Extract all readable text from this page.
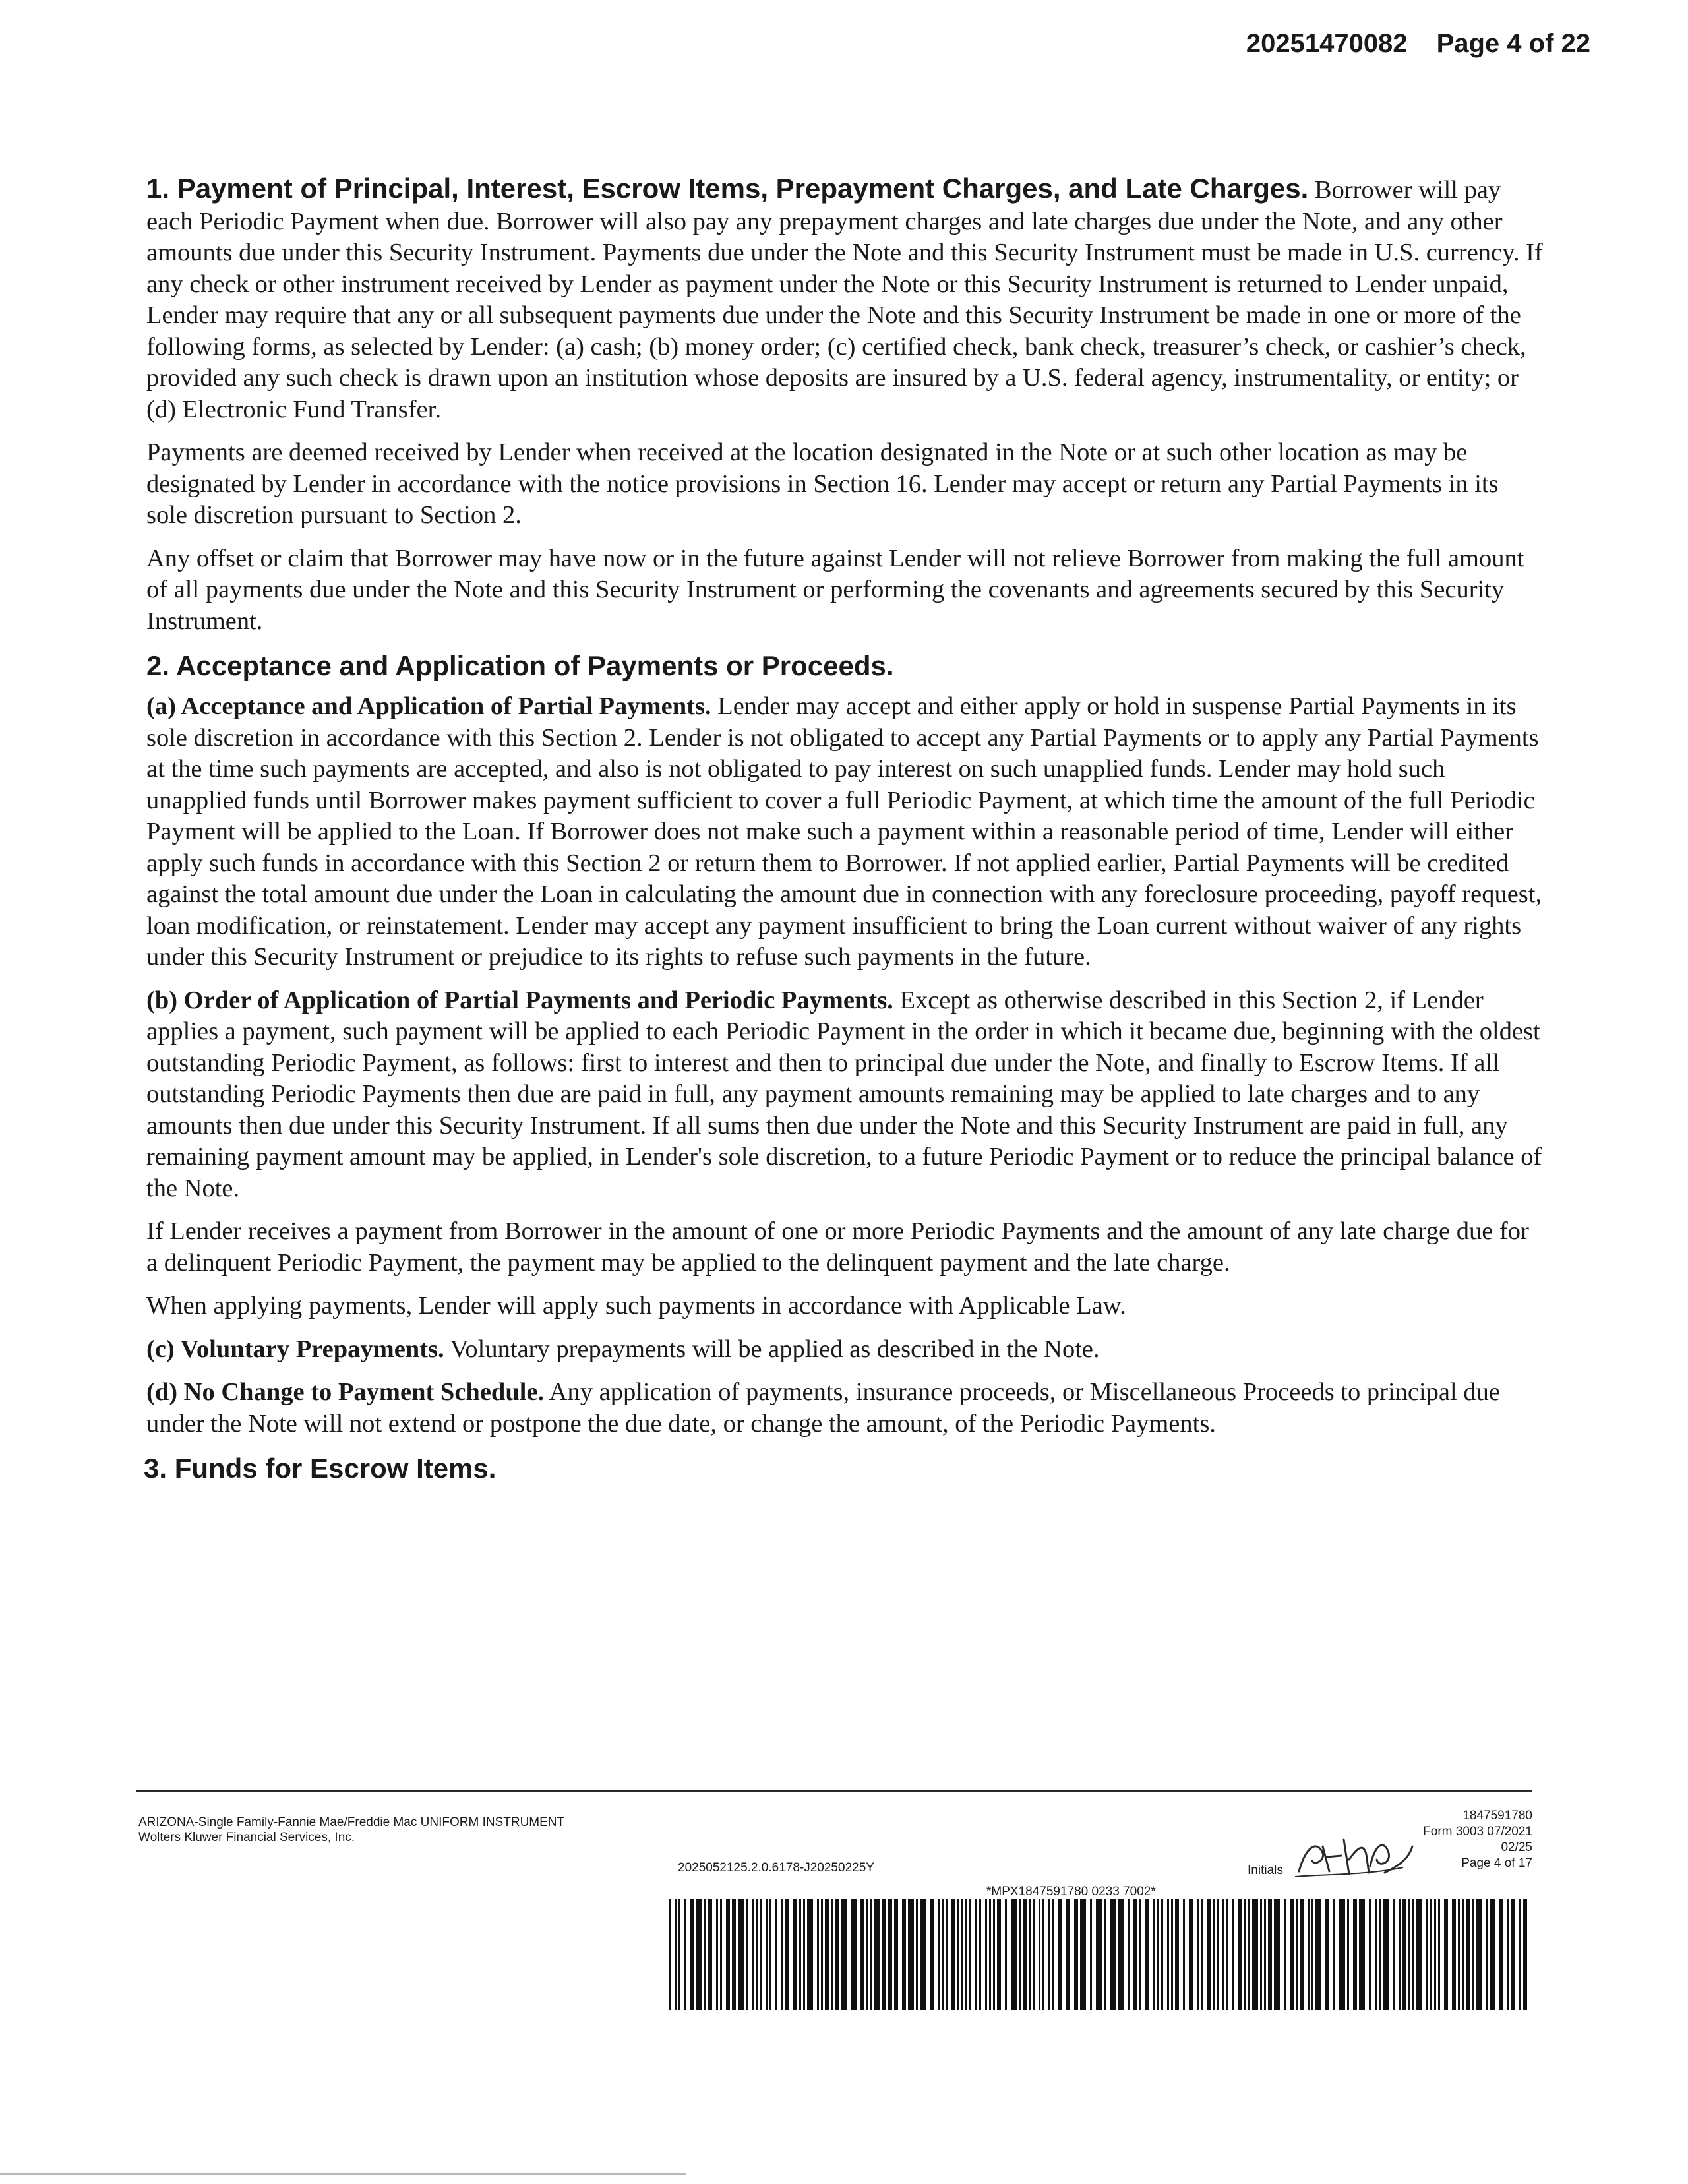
20251470082 Page 4 of 22

1. Payment of Principal, Interest, Escrow Items, Prepayment Charges, and Late Charges. Borrower will pay each Periodic Payment when due. Borrower will also pay any prepayment charges and late charges due under the Note, and any other amounts due under this Security Instrument. Payments due under the Note and this Security Instrument must be made in U.S. currency. If any check or other instrument received by Lender as payment under the Note or this Security Instrument is returned to Lender unpaid, Lender may require that any or all subsequent payments due under the Note and this Security Instrument be made in one or more of the following forms, as selected by Lender: (a) cash; (b) money order; (c) certified check, bank check, treasurer’s check, or cashier’s check, provided any such check is drawn upon an institution whose deposits are insured by a U.S. federal agency, instrumentality, or entity; or (d) Electronic Fund Transfer.

Payments are deemed received by Lender when received at the location designated in the Note or at such other location as may be designated by Lender in accordance with the notice provisions in Section 16. Lender may accept or return any Partial Payments in its sole discretion pursuant to Section 2.

Any offset or claim that Borrower may have now or in the future against Lender will not relieve Borrower from making the full amount of all payments due under the Note and this Security Instrument or performing the covenants and agreements secured by this Security Instrument.

2. Acceptance and Application of Payments or Proceeds.

(a) Acceptance and Application of Partial Payments. Lender may accept and either apply or hold in suspense Partial Payments in its sole discretion in accordance with this Section 2. Lender is not obligated to accept any Partial Payments or to apply any Partial Payments at the time such payments are accepted, and also is not obligated to pay interest on such unapplied funds. Lender may hold such unapplied funds until Borrower makes payment sufficient to cover a full Periodic Payment, at which time the amount of the full Periodic Payment will be applied to the Loan. If Borrower does not make such a payment within a reasonable period of time, Lender will either apply such funds in accordance with this Section 2 or return them to Borrower. If not applied earlier, Partial Payments will be credited against the total amount due under the Loan in calculating the amount due in connection with any foreclosure proceeding, payoff request, loan modification, or reinstatement. Lender may accept any payment insufficient to bring the Loan current without waiver of any rights under this Security Instrument or prejudice to its rights to refuse such payments in the future.

(b) Order of Application of Partial Payments and Periodic Payments. Except as otherwise described in this Section 2, if Lender applies a payment, such payment will be applied to each Periodic Payment in the order in which it became due, beginning with the oldest outstanding Periodic Payment, as follows: first to interest and then to principal due under the Note, and finally to Escrow Items. If all outstanding Periodic Payments then due are paid in full, any payment amounts remaining may be applied to late charges and to any amounts then due under this Security Instrument. If all sums then due under the Note and this Security Instrument are paid in full, any remaining payment amount may be applied, in Lender's sole discretion, to a future Periodic Payment or to reduce the principal balance of the Note.

If Lender receives a payment from Borrower in the amount of one or more Periodic Payments and the amount of any late charge due for a delinquent Periodic Payment, the payment may be applied to the delinquent payment and the late charge.

When applying payments, Lender will apply such payments in accordance with Applicable Law.

(c) Voluntary Prepayments. Voluntary prepayments will be applied as described in the Note.

(d) No Change to Payment Schedule. Any application of payments, insurance proceeds, or Miscellaneous Proceeds to principal due under the Note will not extend or postpone the due date, or change the amount, of the Periodic Payments.

3. Funds for Escrow Items.
ARIZONA-Single Family-Fannie Mae/Freddie Mac UNIFORM INSTRUMENT
Wolters Kluwer Financial Services, Inc.
2025052125.2.0.6178-J20250225Y
1847591780
Form 3003 07/2021
02/25
Page 4 of 17
Initials
*MPX1847591780 0233 7002*
